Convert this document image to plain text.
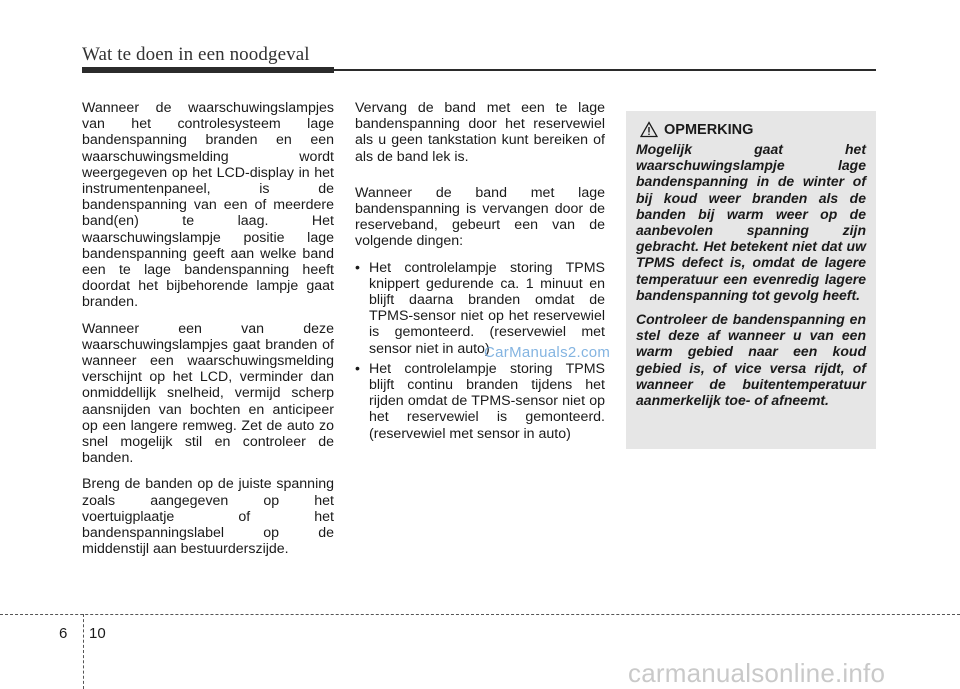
Wat te doen in een noodgeval

Wanneer de waarschuwingslampjes van het controlesysteem lage bandenspanning branden en een waarschuwingsmelding wordt weergegeven op het LCD-display in het instrumentenpaneel, is de bandenspanning van een of meerdere band(en) te laag. Het waarschuwingslampje positie lage bandenspanning geeft aan welke band een te lage bandenspanning heeft doordat het bijbehorende lampje gaat branden.

Wanneer een van deze waarschuwingslampjes gaat branden of wanneer een waarschuwingsmelding verschijnt op het LCD, verminder dan onmiddellijk snelheid, vermijd scherp aansnijden van bochten en anticipeer op een langere remweg. Zet de auto zo snel mogelijk stil en controleer de banden.

Breng de banden op de juiste spanning zoals aangegeven op het voertuigplaatje of het bandenspanningslabel op de middenstijl aan bestuurderszijde.

Vervang de band met een te lage bandenspanning door het reservewiel als u geen tankstation kunt bereiken of als de band lek is.

Wanneer de band met lage bandenspanning is vervangen door de reserveband, gebeurt een van de volgende dingen:

• Het controlelampje storing TPMS knippert gedurende ca. 1 minuut en blijft daarna branden omdat de TPMS-sensor niet op het reservewiel is gemonteerd. (reservewiel met sensor niet in auto)
• Het controlelampje storing TPMS blijft continu branden tijdens het rijden omdat de TPMS-sensor niet op het reservewiel is gemonteerd. (reservewiel met sensor in auto)
OPMERKING

Mogelijk gaat het waarschuwingslampje lage bandenspanning in de winter of bij koud weer branden als de banden bij warm weer op de aanbevolen spanning zijn gebracht. Het betekent niet dat uw TPMS defect is, omdat de lagere temperatuur een evenredig lagere bandenspanning tot gevolg heeft.

Controleer de bandenspanning en stel deze af wanneer u van een warm gebied naar een koud gebied is, of vice versa rijdt, of wanneer de buitentemperatuur aanmerkelijk toe- of afneemt.

CarManuals2.com
6 10
carmanualsonline.info
